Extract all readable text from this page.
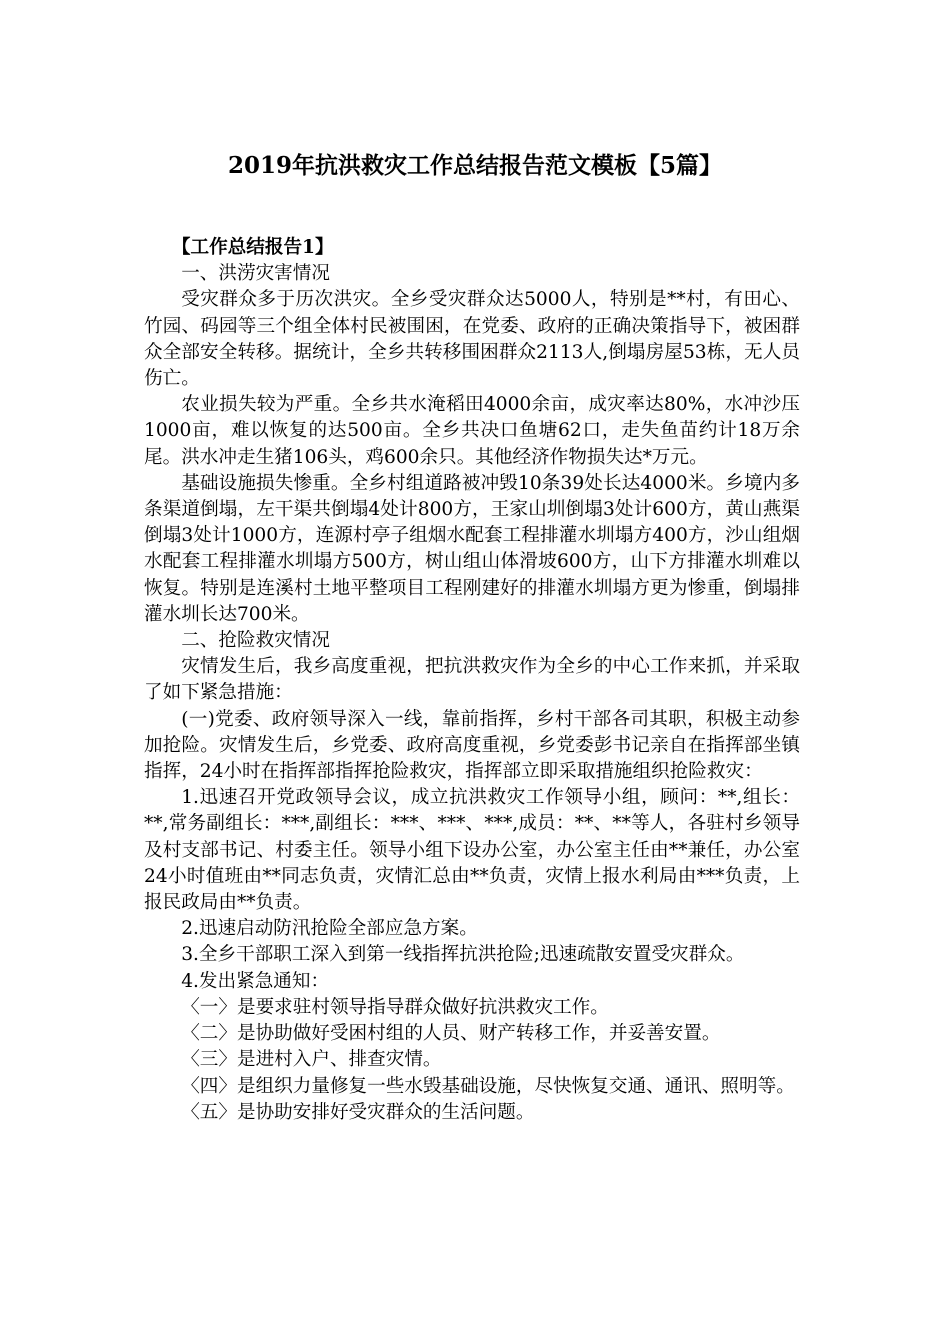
2019年抗洪救灾工作总结报告范文模板【5篇】

【工作总结报告1】

一、洪涝灾害情况

受灾群众多于历次洪灾。全乡受灾群众达5000人，特别是**村，有田心、竹园、码园等三个组全体村民被围困，在党委、政府的正确决策指导下，被困群众全部安全转移。据统计，全乡共转移围困群众2113人,倒塌房屋53栋，无人员伤亡。

农业损失较为严重。全乡共水淹稻田4000余亩，成灾率达80%，水冲沙压1000亩，难以恢复的达500亩。全乡共决口鱼塘62口，走失鱼苗约计18万余尾。洪水冲走生猪106头，鸡600余只。其他经济作物损失达*万元。

基础设施损失惨重。全乡村组道路被冲毁10条39处长达4000米。乡境内多条渠道倒塌，左干渠共倒塌4处计800方，王家山圳倒塌3处计600方，黄山燕渠倒塌3处计1000方，连源村亭子组烟水配套工程排灌水圳塌方400方，沙山组烟水配套工程排灌水圳塌方500方，树山组山体滑坡600方，山下方排灌水圳难以恢复。特别是连溪村土地平整项目工程刚建好的排灌水圳塌方更为惨重，倒塌排灌水圳长达700米。

二、抢险救灾情况

灾情发生后，我乡高度重视，把抗洪救灾作为全乡的中心工作来抓，并采取了如下紧急措施：

(一)党委、政府领导深入一线，靠前指挥，乡村干部各司其职，积极主动参加抢险。灾情发生后，乡党委、政府高度重视，乡党委彭书记亲自在指挥部坐镇指挥，24小时在指挥部指挥抢险救灾，指挥部立即采取措施组织抢险救灾：

1.迅速召开党政领导会议，成立抗洪救灾工作领导小组，顾问：**,组长：**,常务副组长：***,副组长：***、***、***,成员：**、**等人，各驻村乡领导及村支部书记、村委主任。领导小组下设办公室，办公室主任由**兼任，办公室24小时值班由**同志负责，灾情汇总由**负责，灾情上报水利局由***负责，上报民政局由**负责。

2.迅速启动防汛抢险全部应急方案。

3.全乡干部职工深入到第一线指挥抗洪抢险;迅速疏散安置受灾群众。

4.发出紧急通知：

〈一〉是要求驻村领导指导群众做好抗洪救灾工作。

〈二〉是协助做好受困村组的人员、财产转移工作，并妥善安置。

〈三〉是进村入户、排查灾情。

〈四〉是组织力量修复一些水毁基础设施，尽快恢复交通、通讯、照明等。

〈五〉是协助安排好受灾群众的生活问题。
